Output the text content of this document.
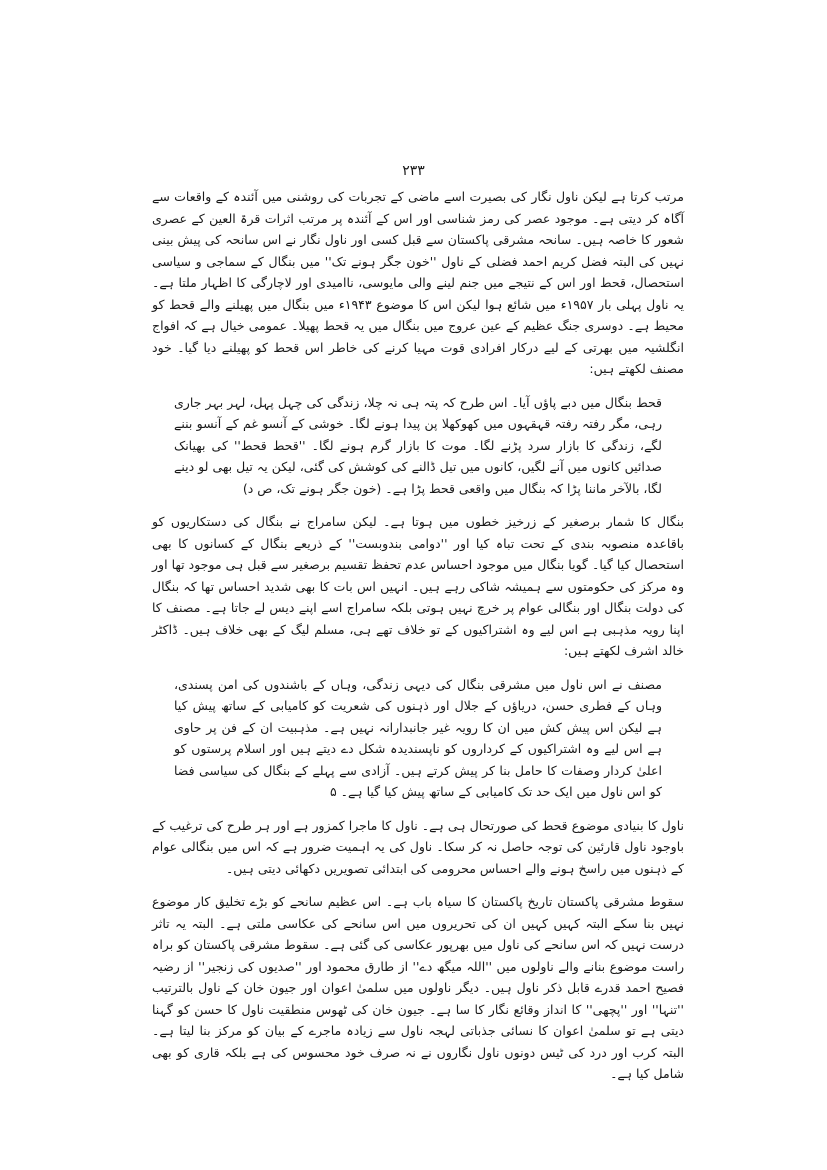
۲۳۳

مرتب کرتا ہے لیکن ناول نگار کی بصیرت اسے ماضی کے تجربات کی روشنی میں آئندہ کے واقعات سے آگاہ کر دیتی ہے۔ موجود عصر کی رمز شناسی اور اس کے آئندہ پر مرتب اثرات قرۃ العین کے عصری شعور کا خاصہ ہیں۔ سانحہ مشرقی پاکستان سے قبل کسی اور ناول نگار نے اس سانحہ کی پیش بینی نہیں کی البتہ فضل کریم احمد فضلی کے ناول ''خون جگر ہونے تک'' میں بنگال کے سماجی و سیاسی استحصال، قحط اور اس کے نتیجے میں جنم لینے والی مایوسی، ناامیدی اور لاچارگی کا اظہار ملتا ہے۔ یہ ناول پہلی بار ۱۹۵۷ء میں شائع ہوا لیکن اس کا موضوع ۱۹۴۳ء میں بنگال میں پھیلنے والے قحط کو محیط ہے۔ دوسری جنگ عظیم کے عین عروج میں بنگال میں یہ قحط پھیلا۔ عمومی خیال ہے کہ افواج انگلشیہ میں بھرتی کے لیے درکار افرادی قوت مہیا کرنے کی خاطر اس قحط کو پھیلنے دیا گیا۔ خود مصنف لکھتے ہیں:

قحط بنگال میں دبے پاؤں آیا۔ اس طرح کہ پتہ ہی نہ چلا، زندگی کی چہل پہل، لہر بہر جاری رہی، مگر رفتہ رفتہ قہقہوں میں کھوکھلا پن پیدا ہونے لگا۔ خوشی کے آنسو غم کے آنسو بننے لگے، زندگی کا بازار سرد پڑنے لگا۔ موت کا بازار گرم ہونے لگا۔ ''قحط قحط'' کی بھیانک صدائیں کانوں میں آنے لگیں، کانوں میں تیل ڈالنے کی کوشش کی گئی، لیکن یہ تیل بھی لو دینے لگا، بالآخر ماننا پڑا کہ بنگال میں واقعی قحط پڑا ہے۔ (خون جگر ہونے تک، ص د)

بنگال کا شمار برصغیر کے زرخیز خطوں میں ہوتا ہے۔ لیکن سامراج نے بنگال کی دستکاریوں کو باقاعدہ منصوبہ بندی کے تحت تباہ کیا اور ''دوامی بندوبست'' کے ذریعے بنگال کے کسانوں کا بھی استحصال کیا گیا۔ گویا بنگال میں موجود احساس عدم تحفظ تقسیم برصغیر سے قبل ہی موجود تھا اور وہ مرکز کی حکومتوں سے ہمیشہ شاکی رہے ہیں۔ انہیں اس بات کا بھی شدید احساس تھا کہ بنگال کی دولت بنگال اور بنگالی عوام پر خرچ نہیں ہوتی بلکہ سامراج اسے اپنے دیس لے جاتا ہے۔ مصنف کا اپنا رویہ مذہبی ہے اس لیے وہ اشتراکیوں کے تو خلاف تھے ہی، مسلم لیگ کے بھی خلاف ہیں۔ ڈاکٹر خالد اشرف لکھتے ہیں:

مصنف نے اس ناول میں مشرقی بنگال کی دیہی زندگی، وہاں کے باشندوں کی امن پسندی، وہاں کے فطری حسن، دریاؤں کے جلال اور ذہنوں کی شعریت کو کامیابی کے ساتھ پیش کیا ہے لیکن اس پیش کش میں ان کا رویہ غیر جانبدارانہ نہیں ہے۔ مذہبیت ان کے فن پر حاوی ہے اس لیے وہ اشتراکیوں کے کرداروں کو ناپسندیدہ شکل دے دیتے ہیں اور اسلام پرستوں کو اعلیٰ کردار وصفات کا حامل بنا کر پیش کرتے ہیں۔ آزادی سے پہلے کے بنگال کی سیاسی فضا کو اس ناول میں ایک حد تک کامیابی کے ساتھ پیش کیا گیا ہے۔ ۵

ناول کا بنیادی موضوع قحط کی صورتحال ہی ہے۔ ناول کا ماجرا کمزور ہے اور ہر طرح کی ترغیب کے باوجود ناول قارئین کی توجہ حاصل نہ کر سکا۔ ناول کی یہ اہمیت ضرور ہے کہ اس میں بنگالی عوام کے ذہنوں میں راسخ ہونے والے احساس محرومی کی ابتدائی تصویریں دکھائی دیتی ہیں۔

سقوط مشرقی پاکستان تاریخ پاکستان کا سیاہ باب ہے۔ اس عظیم سانحے کو بڑے تخلیق کار موضوع نہیں بنا سکے البتہ کہیں کہیں ان کی تحریروں میں اس سانحے کی عکاسی ملتی ہے۔ البتہ یہ تاثر درست نہیں کہ اس سانحے کی ناول میں بھرپور عکاسی کی گئی ہے۔ سقوط مشرقی پاکستان کو براہ راست موضوع بنانے والے ناولوں میں ''اللہ میگھ دے'' از طارق محمود اور ''صدیوں کی زنجیر'' از رضیہ فصیح احمد قدرے قابل ذکر ناول ہیں۔ دیگر ناولوں میں سلمیٰ اعوان اور جیون خان کے ناول بالترتیب ''تنہا'' اور ''پچھی'' کا انداز وقائع نگار کا سا ہے۔ جیون خان کی ٹھوس منطقیت ناول کا حسن کو گہنا دیتی ہے تو سلمیٰ اعوان کا نسائی جذباتی لہجہ ناول سے زیادہ ماجرے کے بیان کو مرکز بنا لیتا ہے۔ البتہ کرب اور درد کی ٹیس دونوں ناول نگاروں نے نہ صرف خود محسوس کی ہے بلکہ قاری کو بھی شامل کیا ہے۔
